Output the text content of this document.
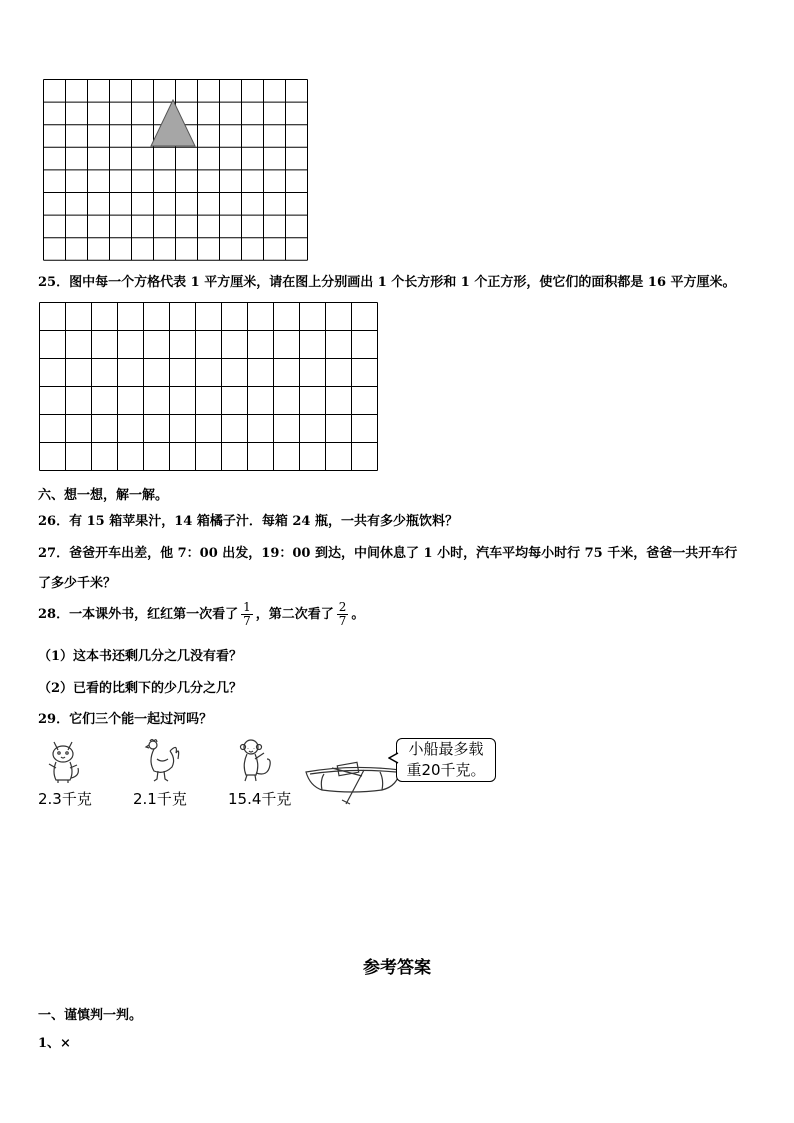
25．图中每一个方格代表 1 平方厘米，请在图上分别画出 1 个长方形和 1 个正方形，使它们的面积都是 16 平方厘米。
六、想一想，解一解。
26．有 15 箱苹果汁，14 箱橘子汁．每箱 24 瓶，一共有多少瓶饮料？
27．爸爸开车出差，他 7：00 出发，19：00 到达，中间休息了 1 小时，汽车平均每小时行 75 千米，爸爸一共开车行
了多少千米？
28．一本课外书，红红第一次看了 $\frac{1}{7}$ ，第二次看了 $\frac{2}{7}$ 。
（1）这本书还剩几分之几没有看？
（2）已看的比剩下的少几分之几？
29．它们三个能一起过河吗？
2.3千克	2.1千克	15.4千克
小船最多载
重20千克。
参考答案
一、谨慎判一判。
1、×
